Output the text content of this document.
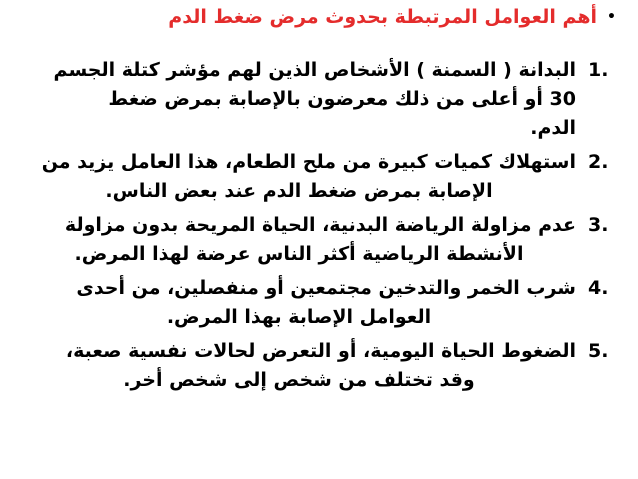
•أهم العوامل المرتبطة بحدوث مرض ضغط الدم
1.
البدانة ( السمنة ) الأشخاص الذين لهم مؤشر كتلة الجسم
30 أو أعلى من ذلك معرضون بالإصابة بمرض ضغط
الدم.
2.
استهلاك كميات كبيرة من ملح الطعام، هذا العامل يزيد من
الإصابة بمرض ضغط الدم عند بعض الناس.
3.
عدم مزاولة الرياضة البدنية، الحياة المريحة بدون مزاولة
الأنشطة الرياضية أكثر الناس عرضة لهذا المرض.
4.
شرب الخمر والتدخين مجتمعين أو منفصلين، من أحدى
العوامل الإصابة بهذا المرض.
5.
الضغوط الحياة اليومية، أو التعرض لحالات نفسية صعبة،
وقد تختلف من شخص إلى شخص أخر.
